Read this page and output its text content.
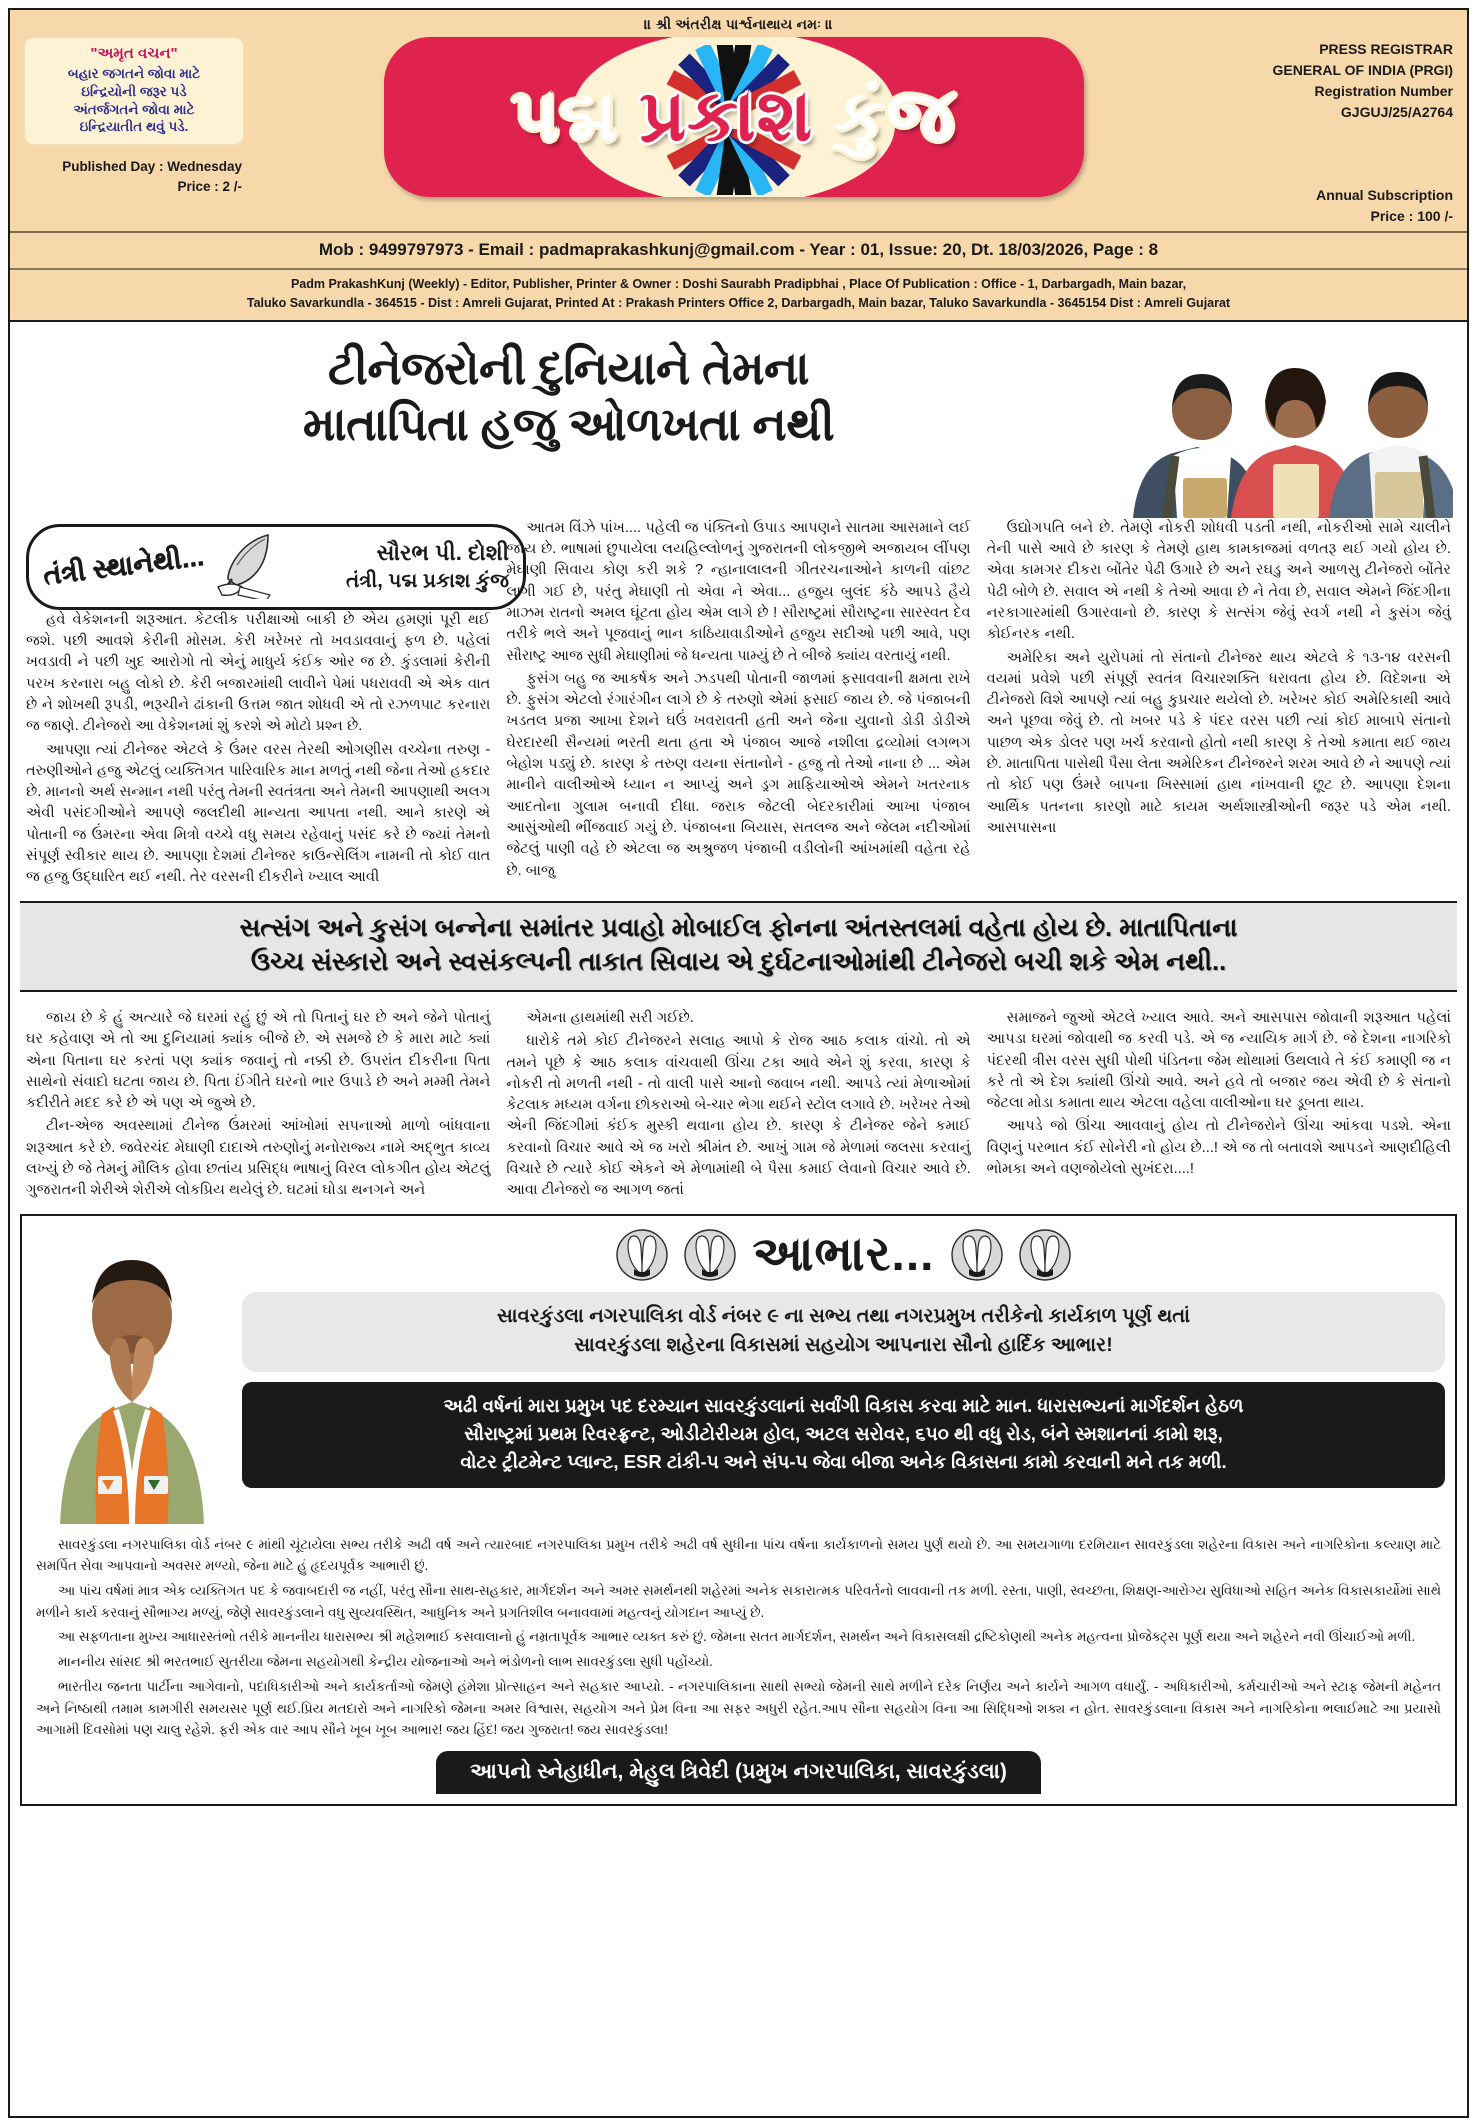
॥ શ્રી અંતરીક્ષ પાર્શ્વનાથાય નમઃ ॥
"અમૃત વચન"
બહાર જગતને જોવા માટે
ઇન્દ્રિયોની જરૂર પડે
અંતર્જગતને જોવા માટે
ઇન્દ્રિયાતીત થવું પડે.
Published Day : Wednesday
Price : 2 /-
પદ્મ પ્રકાશ કુંજ
PRESS REGISTRAR
GENERAL OF INDIA (PRGI)
Registration Number
GJGUJ/25/A2764
Annual Subscription
Price : 100 /-
Mob : 9499797973 - Email : padmaprakashkunj@gmail.com - Year : 01, Issue: 20, Dt. 18/03/2026, Page : 8
Padm PrakashKunj (Weekly) - Editor, Publisher, Printer & Owner : Doshi Saurabh Pradipbhai , Place Of Publication : Office - 1, Darbargadh, Main bazar,
Taluko Savarkundla - 364515 - Dist : Amreli Gujarat, Printed At : Prakash Printers Office 2, Darbargadh, Main bazar, Taluko Savarkundla - 3645154 Dist : Amreli Gujarat
ટીનેજરોની દુનિયાને તેમના
માતાપિતા હજુ ઓળખતા નથી
તંત્રી સ્થાનેથી...	સૌરભ પી. દોશી
તંત્રી, પદ્મ પ્રકાશ કુંજ

હવે વેકેશનની શરૂઆત. કેટલીક પરીક્ષાઓ બાકી છે એય હમણાં પૂરી થઈ જશે. પછી આવશે કેરીની મોસમ. કેરી ખરેખર તો ખવડાવવાનું ફળ છે. પહેલાં ખવડાવી ને પછી ખુદ આરોગો તો એનું માધુર્ય કંઈક ઓર જ છે. કુંડલામાં કેરીની પરખ કરનારા બહુ લોકો છે. કેરી બજારમાંથી લાવીને પેમાં પધરાવવી એ એક વાત છે ને શોખથી રૂપડી, ભરૂચીને ઢાંકાની ઉત્તમ જાત શોધવી એ તો રઝળપાટ કરનારા જ જાણે. ટીનેજરો આ વેકેશનમાં શું કરશે એ મોટો પ્રશ્ન છે.

આપણા ત્યાં ટીનેજર એટલે કે ઉંમર વરસ તેરથી ઓગણીસ વચ્ચેના તરુણ - તરુણીઓને હજુ એટલું વ્યક્તિગત પારિવારિક માન મળતું નથી જેના તેઓ હકદાર છે. માનનો અર્થ સન્માન નથી પરંતુ તેમની સ્વતંત્રતા અને તેમની આપણાથી અલગ એવી પસંદગીઓને આપણે જલદીથી માન્યતા આપતા નથી. આને કારણે એ પોતાની જ ઉંમરના એવા મિત્રો વચ્ચે વધુ સમય રહેવાનું પસંદ કરે છે જ્યાં તેમનો સંપૂર્ણ સ્વીકાર થાય છે. આપણા દેશમાં ટીનેજર કાઉન્સેલિંગ નામની તો કોઈ વાત જ હજુ ઉદ્ઘારિત થઈ નથી. તેર વરસની દીકરીને ખ્યાલ આવી

આતમ વિંઝે પાંખ.... પહેલી જ પંક્તિનો ઉપાડ આપણને સાતમા આસમાને લઈ જાય છે. ભાષામાં છુપાયેલા લયહિલ્લોળનું ગુજરાતની લોકજીભે અજાયબ લીંપણ મેઘાણી સિવાય કોણ કરી શકે ? ન્હાનાલાલની ગીતરચનાઓને કાળની વાંછટ લાગી ગઈ છે, પરંતુ મેઘાણી તો એવા ને એવા... હજુય બુલંદ કંઠે આપડે હૈયે માઝમ રાતનો અમલ ઘૂંટતા હોય એમ લાગે છે ! સૌરાષ્ટ્રમાં સૌરાષ્ટ્રના સારસ્વત દેવ તરીકે ભલે અને પૂજવાનું ભાન કાઠિયાવાડીઓને હજુય સદીઓ પછી આવે, પણ સૌરાષ્ટ્ર આજ સુધી મેઘાણીમાં જે ધન્યતા પામ્યું છે તે બીજે ક્યાંય વરતાયું નથી.

ફુસંગ બહુ જ આકર્ષક અને ઝડપથી પોતાની જાળમાં ફસાવવાની ક્ષમતા રાખે છે. ફુસંગ એટલો રંગારંગીન લાગે છે કે તરુણો એમાં ફસાઈ જાય છે. જે પંજાબની ખડતલ પ્રજા આખા દેશને ઘઉં ખવરાવતી હતી અને જેના યુવાનો ડોડી ડોડીએ ઘેરદારથી સૈન્યમાં ભરતી થતા હતા એ પંજાબ આજે નશીલા દ્રવ્યોમાં લગભગ બેહોશ પડ્યું છે. કારણ કે તરુણ વયના સંતાનોને - હજુ તો તેઓ નાના છે ... એમ માનીને વાલીઓએ ધ્યાન ન આપ્યું અને ડ્રગ માફિયાઓએ એમને ખતરનાક આદતોના ગુલામ બનાવી દીધા. જરાક જેટલી બેદરકારીમાં આખા પંજાબ આસુંઓથી ભીંજવાઈ ગયું છે. પંજાબના બિયાસ, સતલજ અને જેલમ નદીઓમાં જેટલું પાણી વહે છે એટલા જ અશ્રુજળ પંજાબી વડીલોની આંખમાંથી વહેતા રહે છે. બાજુ

ઉદ્યોગપતિ બને છે. તેમણે નોકરી શોધવી પડતી નથી, નોકરીઓ સામે ચાલીને તેની પાસે આવે છે કારણ કે તેમણે હાથ કામકાજમાં વળતરૂ થઈ ગયો હોય છે. એવા કામગર દીકરા બોંતેર પેઢી ઉગારે છે અને રઘડુ અને આળસુ ટીનેજરો બોંતેર પેઢી બોળે છે. સવાલ એ નથી કે તેઓ આવા છે ને તેવા છે, સવાલ એમને જિંદગીના નરકાગારમાંથી ઉગારવાનો છે. કારણ કે સત્સંગ જેવું સ્વર્ગ નથી ને કુસંગ જેવું કોઈનરક નથી.

અમેરિકા અને યુરોપમાં તો સંતાનો ટીનેજર થાય એટલે કે ૧૩-૧૪ વરસની વયમાં પ્રવેશે પછી સંપૂર્ણ સ્વતંત્ર વિચારશક્તિ ધરાવતા હોય છે. વિદેશના એ ટીનેજરો વિશે આપણે ત્યાં બહુ કુપ્રચાર થયેલો છે. ખરેખર કોઈ અમેરિકાથી આવે અને પૂછવા જેવું છે. તો ખબર પડે કે પંદર વરસ પછી ત્યાં કોઈ માબાપે સંતાનો પાછળ એક ડોલર પણ ખર્ચ કરવાનો હોતો નથી કારણ કે તેઓ કમાતા થઈ જાય છે. માતાપિતા પાસેથી પૈસા લેતા અમેરિકન ટીનેજરને શરમ આવે છે ને આપણે ત્યાં તો કોઈ પણ ઉંમરે બાપના ખિસ્સામાં હાથ નાંખવાની છૂટ છે. આપણા દેશના આર્થિક પતનના કારણો માટે કાયમ અર્થશાસ્ત્રીઓની જરૂર પડે એમ નથી. આસપાસના

સત્સંગ અને કુસંગ બન્નેના સમાંતર પ્રવાહો મોબાઈલ ફોનના અંતસ્તલમાં વહેતા હોય છે. માતાપિતાના
ઉચ્ચ સંસ્કારો અને સ્વસંકલ્પની તાકાત સિવાય એ દુર્ઘટનાઓમાંથી ટીનેજરો બચી શકે એમ નથી..

જાય છે કે હું અત્યારે જે ઘરમાં રહું છું એ તો પિતાનું ઘર છે અને જેને પોતાનું ઘર કહેવાણ એ તો આ દુનિયામાં ક્યાંક બીજે છે. એ સમજે છે કે મારા માટે ક્યાં એના પિતાના ઘર કરતાં પણ ક્યાંક જવાનું તો નક્કી છે. ઉપરાંત દીકરીના પિતા સાથેનો સંવાદો ઘટતા જાય છે. પિતા ઈંગીતે ઘરનો ભાર ઉપાડે છે અને મમ્મી તેમને કદીરીતે મદદ કરે છે એ પણ એ જુએ છે.

ટીન-એજ અવસ્થામાં ટીનેજ ઉંમરમાં આંખોમાં સપનાઓ માળો બાંધવાના શરૂઆત કરે છે. જવેરચંદ મેઘાણી દાદાએ તરુણોનું મનોરાજ્ય નામે અદ્ભુત કાવ્ય લખ્યું છે જે તેમનું મૌલિક હોવા છતાંય પ્રસિદ્ધ ભાષાનું વિરલ લોકગીત હોય એટલું ગુજરાતની શેરીએ શેરીએ લોકપ્રિય થયેલું છે. ઘટમાં ઘોડા થનગને અને

એમના હાથમાંથી સરી ગઈછે.

ધારોકે તમે કોઈ ટીનેજરને સલાહ આપો કે રોજ આઠ કલાક વાંચો. તો એ તમને પૂછે કે આઠ કલાક વાંચવાથી ઊંચા ટકા આવે એને શું કરવા, કારણ કે નોકરી તો મળતી નથી - તો વાલી પાસે આનો જવાબ નથી. આપડે ત્યાં મેળાઓમાં કેટલાક મધ્યમ વર્ગના છોકરાઓ બે-ચાર ભેગા થઈને સ્ટોલ લગાવે છે. ખરેખર તેઓ એની જિંદગીમાં કંઈક મુસ્કી થવાના હોય છે. કારણ કે ટીનેજર જેને કમાઈ કરવાનો વિચાર આવે એ જ ખરો શ્રીમંત છે. આખું ગામ જે મેળામાં જલસા કરવાનું વિચારે છે ત્યારે કોઈ એકને એ મેળામાંથી બે પૈસા કમાઈ લેવાનો વિચાર આવે છે. આવા ટીનેજરો જ આગળ જતાં

સમાજને જુઓ એટલે ખ્યાલ આવે. અને આસપાસ જોવાની શરૂઆત પહેલાં આપડા ઘરમાં જોવાથી જ કરવી પડે. એ જ ન્યાયિક માર્ગ છે. જે દેશના નાગરિકો પંદરથી ત્રીસ વરસ સુધી પોથી પંડિતના જેમ થોથામાં ઉથલાવે તે કંઈ કમાણી જ ન કરે તો એ દેશ ક્યાંથી ઊંચો આવે. અને હવે તો બજાર જય એવી છે કે સંતાનો જેટલા મોડા કમાતા થાય એટલા વહેલા વાલીઓના ઘર ડૂબતા થાય.

આપડે જો ઊંચા આવવાનું હોય તો ટીનેજરોને ઊંચા આંકવા પડશે. એના વિણનું પરભાત કંઈ સોનેરી નો હોય છે...! એ જ તો બતાવશે આપડને આણદીહિલી ભોમકા અને વણજોયેલો સુખંદરા....!

આભાર...
સાવરકુંડલા નગરપાલિકા વોર્ડ નંબર ૯ ના સભ્ય તથા નગરપ્રમુખ તરીકેનો કાર્યકાળ પૂર્ણ થતાં
સાવરકુંડલા શહેરના વિકાસમાં સહયોગ આપનારા સૌનો હાર્દિક આભાર!
અઢી વર્ષનાં મારા પ્રમુખ પદ દરમ્યાન સાવરકુંડલાનાં સર્વાંગી વિકાસ કરવા માટે માન. ધારાસભ્યનાં માર્ગદર્શન હેઠળ
સૌરાષ્ટ્રમાં પ્રથમ રિવરફ્રન્ટ, ઓડીટોરીયમ હોલ, અટલ સરોવર, ૬૫૦ થી વધુ રોડ, બંને સ્મશાનનાં કામો શરૂ,
વોટર ટ્રીટમેન્ટ પ્લાન્ટ, ESR ટાંકી-૫ અને સંપ-૫ જેવા બીજા અનેક વિકાસના કામો કરવાની મને તક મળી.

સાવરકુંડલા નગરપાલિકા વોર્ડ નંબર ૯ માંથી ચૂંટાયેલા સભ્ય તરીકે અઢી વર્ષ અને ત્યારબાદ નગરપાલિકા પ્રમુખ તરીકે અઢી વર્ષ સુધીના પાંચ વર્ષના કાર્યકાળનો સમય પુર્ણ થયો છે. આ સમયગાળા દરમિયાન સાવરકુંડલા શહેરના વિકાસ અને નાગરિકોના કલ્યાણ માટે સમર્પિત સેવા આપવાનો અવસર મળ્યો, જેના માટે હું હૃદયપૂર્વક આભારી છું.

આ પાંચ વર્ષમાં માત્ર એક વ્યક્તિગત પદ કે જવાબદારી જ નહીં, પરંતુ સૌના સાથ-સહકાર, માર્ગદર્શન અને અમર સમર્થનથી શહેરમાં અનેક સકારાત્મક પરિવર્તનો લાવવાની તક મળી. રસ્તા, પાણી, સ્વચ્છતા, શિક્ષણ-આરોગ્ય સુવિધાઓ સહિત અનેક વિકાસકાર્યોમાં સાથે મળીને કાર્ય કરવાનું સૌભાગ્ય મળ્યું, જેણે સાવરકુંડલાને વધુ સુવ્યવસ્થિત, આધુનિક અને પ્રગતિશીલ બનાવવામાં મહત્વનું યોગદાન આપ્યું છે.

આ સફળતાના મુખ્ય આધારસ્તંભો તરીકે માનનીય ધારાસભ્ય શ્રી મહેશભાઈ કસવાલાનો હું નમ્રતાપૂર્વક આભાર વ્યક્ત કરું છું. જેમના સતત માર્ગદર્શન, સમર્થન અને વિકાસલક્ષી દ્રષ્ટિકોણથી અનેક મહત્વના પ્રોજેક્ટ્સ પૂર્ણ થયા અને શહેરને નવી ઊંચાઈઓ મળી.

માનનીય સાંસદ શ્રી ભરતભાઈ સુતરીયા જેમના સહયોગથી કેન્દ્રીય યોજનાઓ અને ભંડોળનો લાભ સાવરકુંડલા સુધી પહોંચ્યો.

ભારતીય જનતા પાર્ટીના આગેવાનો, પદાધિકારીઓ અને કાર્યકર્તાઓ જેમણે હંમેશા પ્રોત્સાહન અને સહકાર આપ્યો. - નગરપાલિકાના સાથી સભ્યો જેમની સાથે મળીને દરેક નિર્ણય અને કાર્યને આગળ વધાર્યું. - અધિકારીઓ, કર્મચારીઓ અને સ્ટાફ જેમની મહેનત અને નિષ્ઠાથી તમામ કામગીરી સમયસર પૂર્ણ થઈ.પ્રિય મતદારો અને નાગરિકો જેમના અમર વિશ્વાસ, સહયોગ અને પ્રેમ વિના આ સફર અધુરી રહેત.આપ સૌના સહયોગ વિના આ સિદ્ધિઓ શક્ય ન હોત. સાવરકુંડલાના વિકાસ અને નાગરિકોના ભલાઈમાટે આ પ્રયાસો આગામી દિવસોમાં પણ ચાલુ રહેશે. ફરી એક વાર આપ સૌને ખૂબ ખૂબ આભાર! જય હિંદ! જય ગુજરાત! જય સાવરકુંડલા!

આપનો સ્નેહાધીન, મેહુલ ત્રિવેદી (પ્રમુખ નગરપાલિકા, સાવરકુંડલા)
